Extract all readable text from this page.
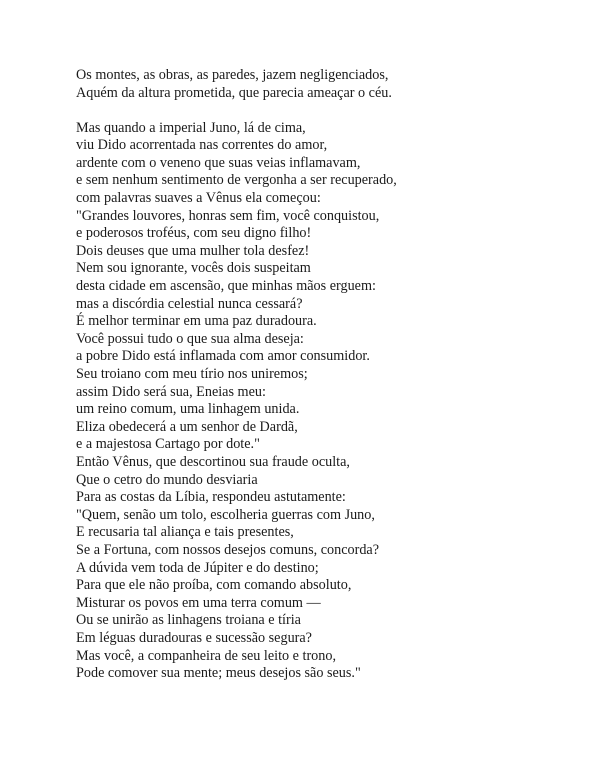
Os montes, as obras, as paredes, jazem negligenciados,
Aquém da altura prometida, que parecia ameaçar o céu.
Mas quando a imperial Juno, lá de cima,
viu Dido acorrentada nas correntes do amor,
ardente com o veneno que suas veias inflamavam,
e sem nenhum sentimento de vergonha a ser recuperado,
com palavras suaves a Vênus ela começou:
"Grandes louvores, honras sem fim, você conquistou,
e poderosos troféus, com seu digno filho!
Dois deuses que uma mulher tola desfez!
Nem sou ignorante, vocês dois suspeitam
desta cidade em ascensão, que minhas mãos erguem:
mas a discórdia celestial nunca cessará?
É melhor terminar em uma paz duradoura.
Você possui tudo o que sua alma deseja:
a pobre Dido está inflamada com amor consumidor.
Seu troiano com meu tírio nos uniremos;
assim Dido será sua, Eneias meu:
um reino comum, uma linhagem unida.
Eliza obedecerá a um senhor de Dardã,
e a majestosa Cartago por dote."
Então Vênus, que descortinou sua fraude oculta,
Que o cetro do mundo desviaria
Para as costas da Líbia, respondeu astutamente:
"Quem, senão um tolo, escolheria guerras com Juno,
E recusaria tal aliança e tais presentes,
Se a Fortuna, com nossos desejos comuns, concorda?
A dúvida vem toda de Júpiter e do destino;
Para que ele não proíba, com comando absoluto,
Misturar os povos em uma terra comum —
Ou se unirão as linhagens troiana e tíria
Em léguas duradouras e sucessão segura?
Mas você, a companheira de seu leito e trono,
Pode comover sua mente; meus desejos são seus."
